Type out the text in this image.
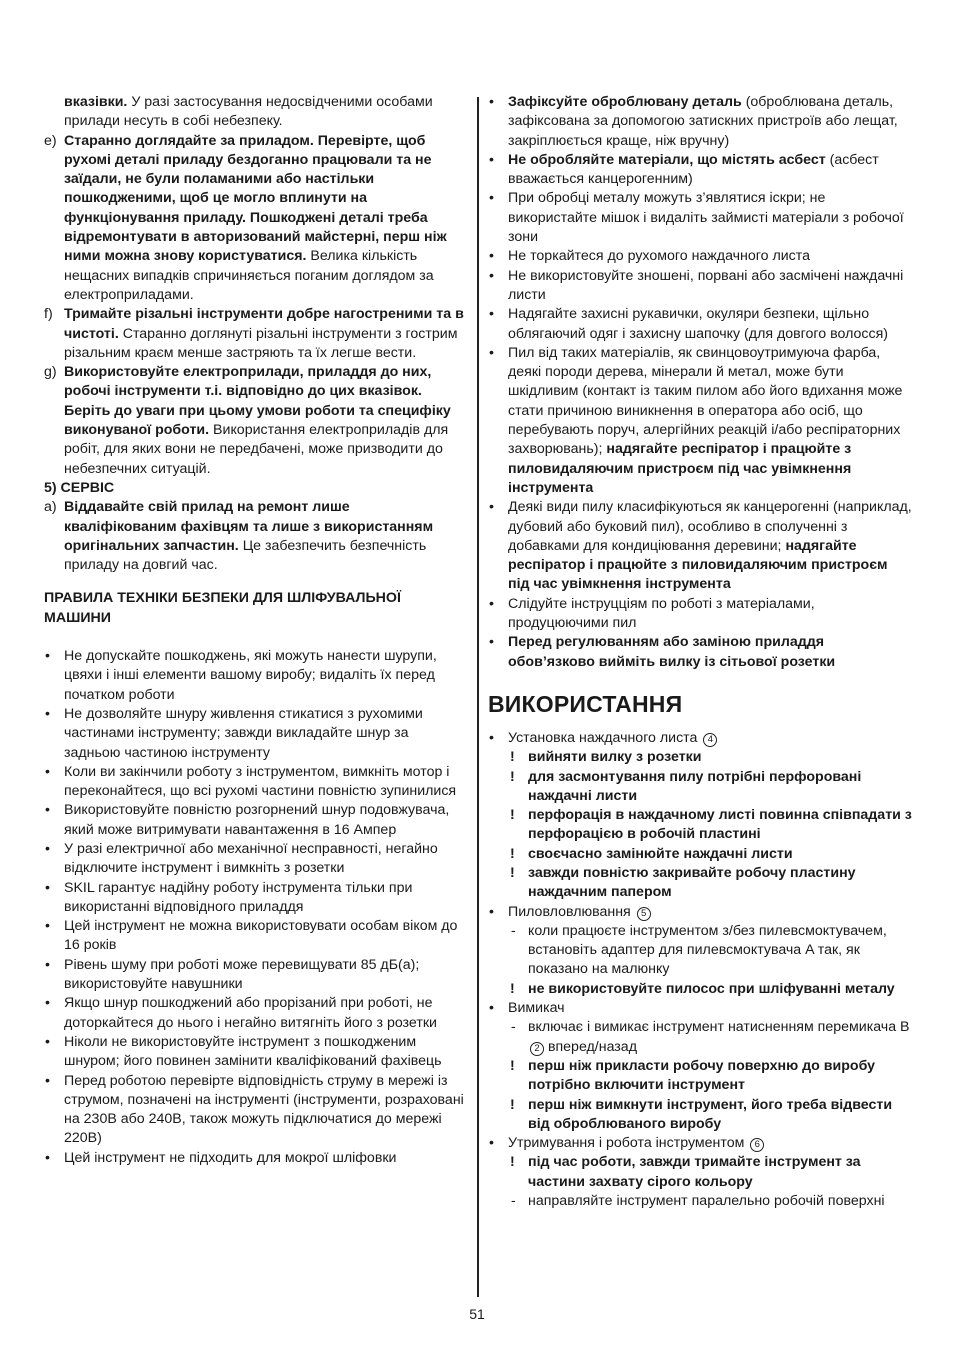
вказівки. У разі застосування недосвідченими особами прилади несуть в собі небезпеку.

e) Старанно доглядайте за приладом. Перевірте, щоб рухомі деталі приладу бездоганно працювали та не заїдали, не були поламаними або настільки пошкодженими, щоб це могло вплинути на функціонування приладу. Пошкоджені деталі треба відремонтувати в авторизований майстерні, перш ніж ними можна знову користуватися. Велика кількість нещасних випадків спричиняється поганим доглядом за електроприладами.
f) Тримайте різальні інструменти добре нагостреними та в чистоті. Старанно доглянуті різальні інструменти з гострим різальним краєм менше застряють та їх легше вести.
g) Використовуйте електроприлади, приладдя до них, робочі інструменти т.і. відповідно до цих вказівок. Беріть до уваги при цьому умови роботи та специфіку виконуваної роботи. Використання електроприладів для робіт, для яких вони не передбачені, може призводити до небезпечних ситуацій.

5) СЕРВІС

a) Віддавайте свій прилад на ремонт лише кваліфікованим фахівцям та лише з використанням оригінальних запчастин. Це забезпечить безпечність приладу на довгий час.

ПРАВИЛА ТЕХНІКИ БЕЗПЕКИ ДЛЯ ШЛІФУВАЛЬНОЇ МАШИНИ

• Не допускайте пошкоджень, які можуть нанести шурупи, цвяхи і інші елементи вашому виробу; видаліть їх перед початком роботи
• Не дозволяйте шнуру живлення стикатися з рухомими частинами інструменту; завжди викладайте шнур за задньою частиною інструменту
• Коли ви закінчили роботу з інструментом, вимкніть мотор і переконайтеся, що всі рухомі частини повністю зупинилися
• Використовуйте повністю розгорнений шнур подовжувача, який може витримувати навантаження в 16 Ампер
• У разі електричної або механічної несправності, негайно відключите інструмент і вимкніть з розетки
• SKIL гарантує надійну роботу інструмента тільки при використанні відповідного приладдя
• Цей інструмент не можна використовувати особам віком до 16 років
• Рівень шуму при роботі може перевищувати 85 дБ(а); використовуйте навушники
• Якщо шнур пошкоджений або прорізаний при роботі, не доторкайтеся до нього і негайно витягніть його з розетки
• Ніколи не використовуйте інструмент з пошкодженим шнуром; його повинен замінити кваліфікований фахівець
• Перед роботою перевірте відповідність струму в мережі із струмом, позначені на інструменті (інструменти, розраховані на 230В або 240В, також можуть підключатися до мережі 220В)
• Цей інструмент не підходить для мокрої шліфовки
• Зафіксуйте оброблювану деталь (оброблювана деталь, зафіксована за допомогою затискних пристроїв або лещат, закріплюється краще, ніж вручну)
• Не обробляйте матеріали, що містять асбест (асбест вважається канцерогенним)
• При обробці металу можуть з’являтися іскри; не використайте мішок і видаліть займисті матеріали з робочої зони
• Не торкайтеся до рухомого наждачного листа
• Не використовуйте зношені, порвані або засмічені наждачні листи
• Надягайте захисні рукавички, окуляри безпеки, щільно облягаючий одяг і захисну шапочку (для довгого волосся)
• Пил від таких матеріалів, як свинцовоутримуюча фарба, деякі породи дерева, мінерали й метал, може бути шкідливим (контакт із таким пилом або його вдихання може стати причиною виникнення в оператора або осіб, що перебувають поруч, алергійних реакцій і/або респіраторних захворювань); надягайте респіратор і працюйте з пиловидаляючим пристроєм під час увімкнення інструмента
• Деякі види пилу класифікуються як канцерогенні (наприклад, дубовий або буковий пил), особливо в сполученні з добавками для кондиціювання деревини; надягайте респіратор і працюйте з пиловидаляючим пристроєм під час увімкнення інструмента
• Слідуйте інструцціям по роботі з матеріалами, продуцюючими пил
• Перед регулюванням або заміною приладдя обов’язково вийміть вилку із сітьової розетки
ВИКОРИСТАННЯ
• Установка наждачного листа 4
! вийняти вилку з розетки
! для засмонтування пилу потрібні перфоровані наждачні листи
! перфорація в наждачному листі повинна співпадати з перфорацією в робочій пластині
! своєчасно замінюйте наждачні листи
! завжди повністю закривайте робочу пластину наждачним папером
• Пиловловлювання 5
- коли працюєте інструментом з/без пилевсмоктувачем, встановіть адаптер для пилевсмоктувача A так, як показано на малюнку
! не використовуйте пилосос при шліфуванні металу
• Вимикач
- включає і вимикає інструмент натисненням перемикача B 2 вперед/назад
! перш ніж прикласти робочу поверхню до виробу потрібно включити інструмент
! перш ніж вимкнути інструмент, його треба відвести від оброблюваного виробу
• Утримування і робота інструментом 6
! під час роботи, завжди тримайте інструмент за частини захвату сірого кольору
- направляйте інструмент паралельно робочій поверхні
51
